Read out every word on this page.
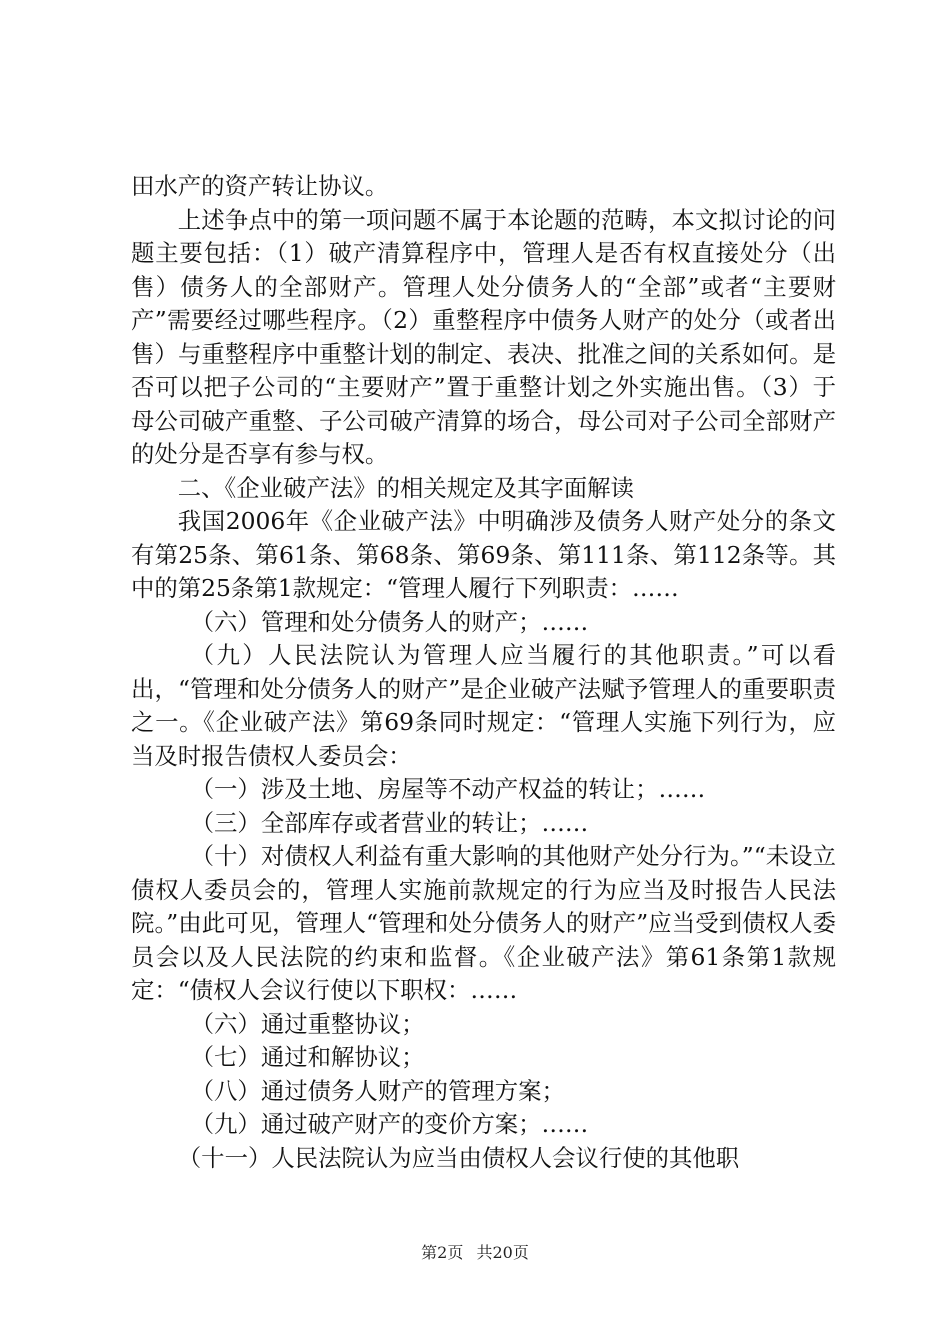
田水产的资产转让协议。

上述争点中的第一项问题不属于本论题的范畴，本文拟讨论的问题主要包括：（1）破产清算程序中，管理人是否有权直接处分（出售）债务人的全部财产。管理人处分债务人的“全部”或者“主要财产”需要经过哪些程序。（2）重整程序中债务人财产的处分（或者出售）与重整程序中重整计划的制定、表决、批准之间的关系如何。是否可以把子公司的“主要财产”置于重整计划之外实施出售。（3）于母公司破产重整、子公司破产清算的场合，母公司对子公司全部财产的处分是否享有参与权。

二、《企业破产法》的相关规定及其字面解读

我国2006年《企业破产法》中明确涉及债务人财产处分的条文有第25条、第61条、第68条、第69条、第111条、第112条等。其中的第25条第1款规定：“管理人履行下列职责：……

（六）管理和处分债务人的财产；……

（九）人民法院认为管理人应当履行的其他职责。”可以看出，“管理和处分债务人的财产”是企业破产法赋予管理人的重要职责之一。《企业破产法》第69条同时规定：“管理人实施下列行为，应当及时报告债权人委员会：

（一）涉及土地、房屋等不动产权益的转让；……

（三）全部库存或者营业的转让；……

（十）对债权人利益有重大影响的其他财产处分行为。”“未设立债权人委员会的，管理人实施前款规定的行为应当及时报告人民法院。”由此可见，管理人“管理和处分债务人的财产”应当受到债权人委员会以及人民法院的约束和监督。《企业破产法》第61条第1款规定：“债权人会议行使以下职权：……

（六）通过重整协议；

（七）通过和解协议；

（八）通过债务人财产的管理方案；

（九）通过破产财产的变价方案；……

（十一）人民法院认为应当由债权人会议行使的其他职

第2页 共20页
